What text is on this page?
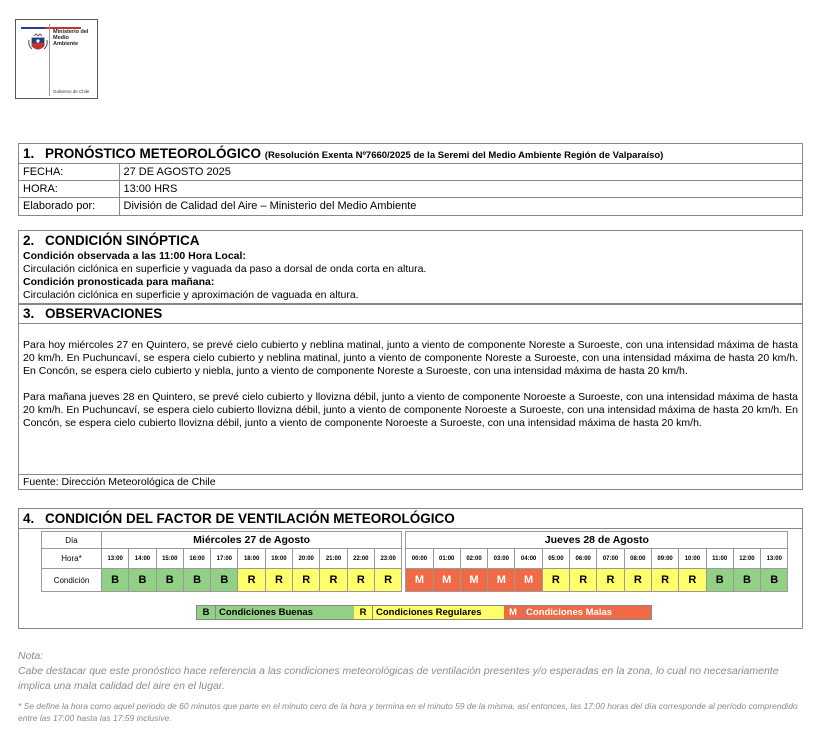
Ministerio del
Medio
Ambiente
Gobierno de Chile
1. PRONÓSTICO METEOROLÓGICO (Resolución Exenta Nº7660/2025 de la Seremi del Medio Ambiente Región de Valparaíso)
FECHA:	27 DE AGOSTO 2025
HORA:	13:00 HRS
Elaborado por:	División de Calidad del Aire – Ministerio del Medio Ambiente
2. CONDICIÓN SINÓPTICA
Condición observada a las 11:00 Hora Local:
Circulación ciclónica en superficie y vaguada da paso a dorsal de onda corta en altura.
Condición pronosticada para mañana:
Circulación ciclónica en superficie y aproximación de vaguada en altura.
3. OBSERVACIONES
Para hoy miércoles 27 en Quintero, se prevé cielo cubierto y neblina matinal, junto a viento de componente Noreste a Suroeste, con una intensidad máxima de hasta 20 km/h. En Puchuncaví, se espera cielo cubierto y neblina matinal, junto a viento de componente Noreste a Suroeste, con una intensidad máxima de hasta 20 km/h. En Concón, se espera cielo cubierto y niebla, junto a viento de componente Noreste a Suroeste, con una intensidad máxima de hasta 20 km/h.
Para mañana jueves 28 en Quintero, se prevé cielo cubierto y llovizna débil, junto a viento de componente Noroeste a Suroeste, con una intensidad máxima de hasta 20 km/h. En Puchuncaví, se espera cielo cubierto llovizna débil, junto a viento de componente Noroeste a Suroeste, con una intensidad máxima de hasta 20 km/h. En Concón, se espera cielo cubierto llovizna débil, junto a viento de componente Noroeste a Suroeste, con una intensidad máxima de hasta 20 km/h.
Fuente: Dirección Meteorológica de Chile
4. CONDICIÓN DEL FACTOR DE VENTILACIÓN METEOROLÓGICO
Día	Miércoles 27 de Agosto												Jueves 28 de Agosto													
Hora*	13:00	14:00	15:00	16:00	17:00	18:00	19:00	20:00	21:00	22:00	23:00		00:00	01:00	02:00	03:00	04:00	05:00	06:00	07:00	08:00	09:00	10:00	11:00	12:00	13:00
Condición	B	B	B	B	B	R	R	R	R	R	R		M	M	M	M	M	R	R	R	R	R	R	B	B	B
B	Condiciones Buenas	R	Condiciones Regulares	M Condiciones Malas
Nota:
Cabe destacar que este pronóstico hace referencia a las condiciones meteorológicas de ventilación presentes y/o esperadas en la zona, lo cual no necesariamente implica una mala calidad del aire en el lugar.
* Se define la hora como aquel periodo de 60 minutos que parte en el minuto cero de la hora y termina en el minuto 59 de la misma, así entonces, las 17:00 horas del día corresponde al período comprendido entre las 17:00 hasta las 17:59 inclusive.
